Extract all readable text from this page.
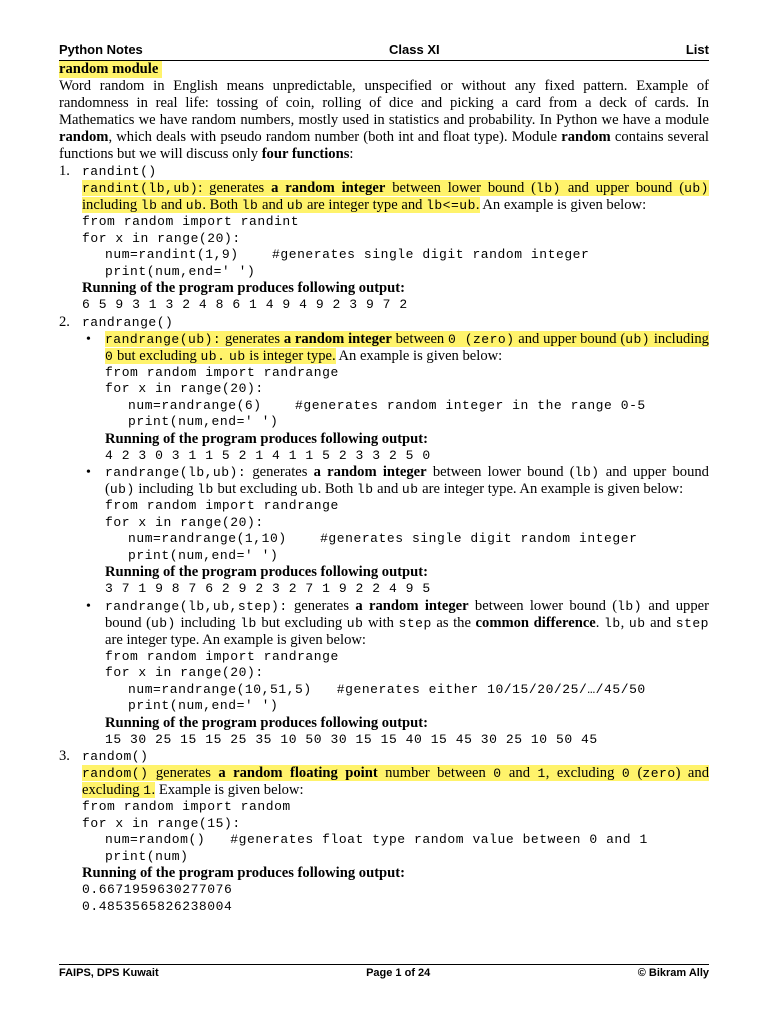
Python Notes	Class XI	List
random module

Word random in English means unpredictable, unspecified or without any fixed pattern. Example of randomness in real life: tossing of coin, rolling of dice and picking a card from a deck of cards. In Mathematics we have random numbers, mostly used in statistics and probability. In Python we have a module random, which deals with pseudo random number (both int and float type). Module random contains several functions but we will discuss only four functions:

1. randint()

randint(lb,ub): generates a random integer between lower bound (lb) and upper bound (ub) including lb and ub. Both lb and ub are integer type and lb<=ub. An example is given below:

from random import randint
for x in range(20):
num=randint(1,9)    #generates single digit random integer
print(num,end=' ')
Running of the program produces following output:
6 5 9 3 1 3 2 4 8 6 1 4 9 4 9 2 3 9 7 2
2. randrange()
• randrange(ub): generates a random integer between 0 (zero) and upper bound (ub) including 0 but excluding ub. ub is integer type. An example is given below:

from random import randrange
for x in range(20):
num=randrange(6)    #generates random integer in the range 0-5
print(num,end=' ')
Running of the program produces following output:
4 2 3 0 3 1 1 5 2 1 4 1 1 5 2 3 3 2 5 0
• randrange(lb,ub): generates a random integer between lower bound (lb) and upper bound (ub) including lb but excluding ub. Both lb and ub are integer type. An example is given below:

from random import randrange
for x in range(20):
num=randrange(1,10)    #generates single digit random integer
print(num,end=' ')
Running of the program produces following output:
3 7 1 9 8 7 6 2 9 2 3 2 7 1 9 2 2 4 9 5
• randrange(lb,ub,step): generates a random integer between lower bound (lb) and upper bound (ub) including lb but excluding ub with step as the common difference. lb, ub and step are integer type. An example is given below:

from random import randrange
for x in range(20):
num=randrange(10,51,5)   #generates either 10/15/20/25/…/45/50
print(num,end=' ')
Running of the program produces following output:
15 30 25 15 15 25 35 10 50 30 15 15 40 15 45 30 25 10 50 45
3. random()

random() generates a random floating point number between 0 and 1, excluding 0 (zero) and excluding 1. Example is given below:

from random import random
for x in range(15):
num=random()   #generates float type random value between 0 and 1
print(num)
Running of the program produces following output:
0.6671959630277076
0.4853565826238004
FAIPS, DPS Kuwait	Page 1 of 24	© Bikram Ally
